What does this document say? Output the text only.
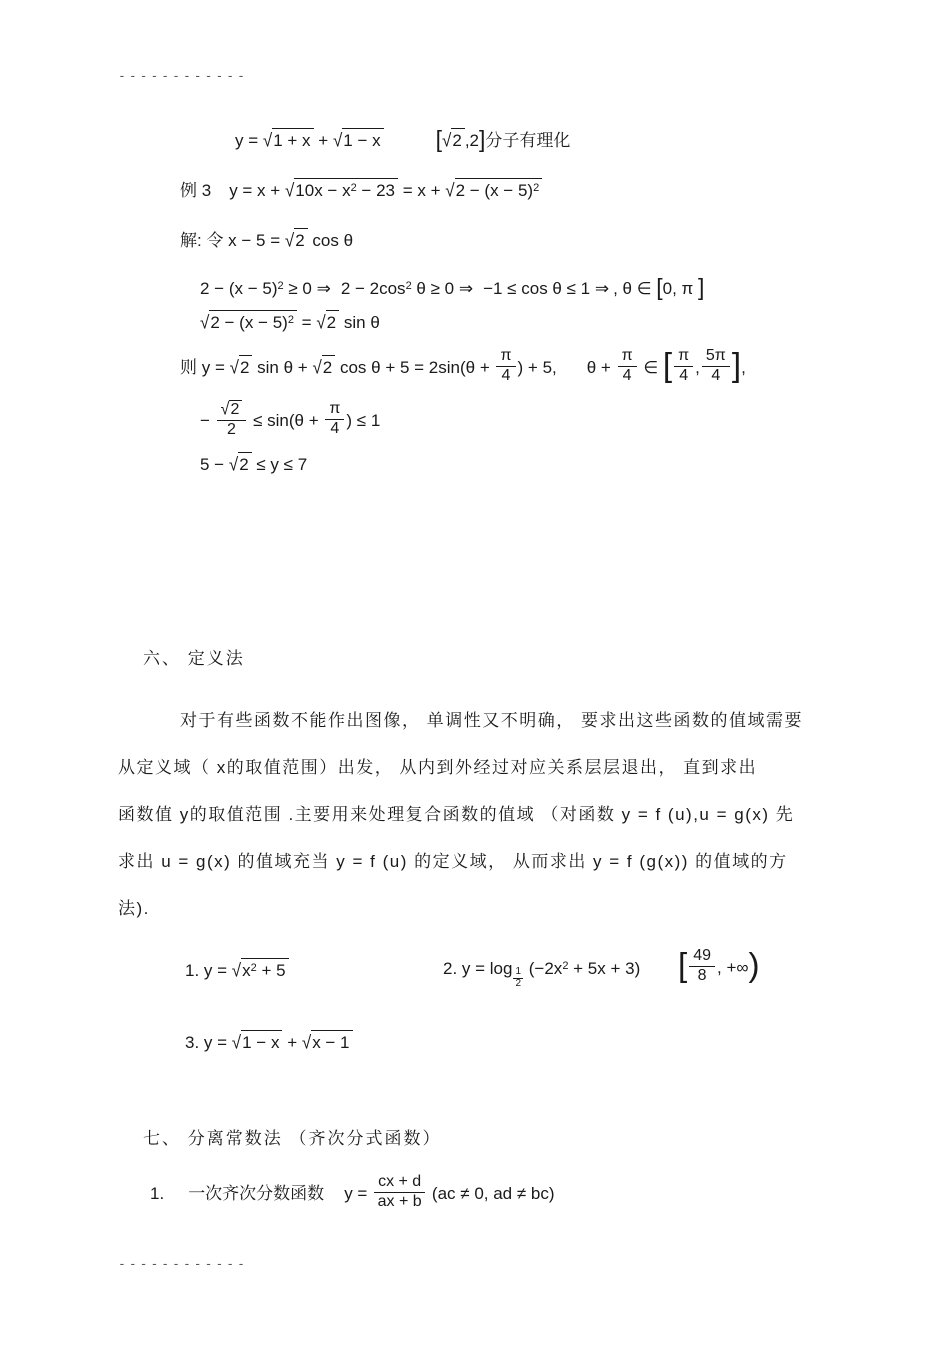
------------
y = √1 + x + √1 − x [√2 ,2]分子有理化
例 3 $y = x + √10x - x^2 - 23 = x + √2 - (x - 5)^2$
解: 令 x − 5 = √2 cos θ
$2 - (x - 5)^2 \ge 0$ ⇒ $2 - 2\cos^2$ θ ≥ 0 ⇒ −1 ≤ cos θ ≤ 1 ⇒ , θ ∈ [0, π ]
$√2 - (x - 5)^2 = √2$ sin θ
则 y = √2 sin θ + √2 $\cos \theta + 5 = 2\sin(\theta + \frac{\pi}{4}$ ) + 5, $\theta + \frac{\pi}{4}$ ∈ [ $\frac{\pi}{4}$ , $\frac{5\pi}{4}$ ],
− $\frac{√2}{2} \le \sin(\theta + \frac{\pi}{4}$ ) ≤ 1
5 − √2 ≤ y ≤ 7
六、 定义法
对于有些函数不能作出图像， 单调性又不明确， 要求出这些函数的值域需要
从定义域（ x的取值范围）出发， 从内到外经过对应关系层层退出， 直到求出
函数值 y的取值范围 .主要用来处理复合函数的值域 （对函数 y = f (u),u = g(x) 先
求出 u = g(x) 的值域充当 y = f (u) 的定义域， 从而求出 y = f (g(x)) 的值域的方
法).
1. $y = √x^2 + 5$	2. y = log $_{\frac{1}{2}}$ $(-2x^2 + 5x + 3)$ [ $\frac{49}{8}$ , +∞)
3. y = √1 − x + √x − 1
七、 分离常数法 （齐次分式函数）
1. 一次齐次分数函数 $y = \frac{cx + d}{ax + b} (ac \ne 0$, ad ≠ bc)
------------
